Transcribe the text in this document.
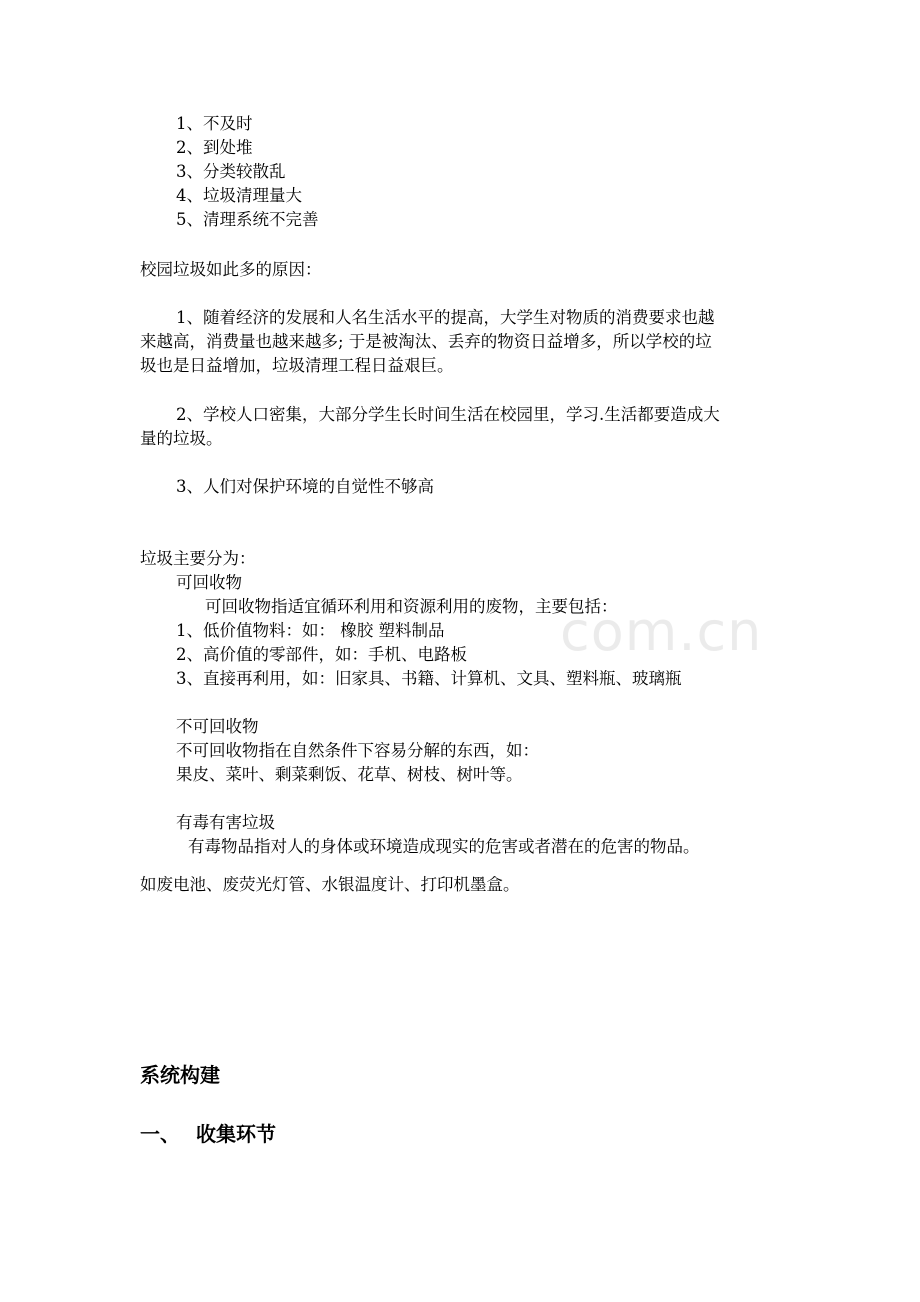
com.cn
1、不及时
2、到处堆
3、分类较散乱
4、垃圾清理量大
5、清理系统不完善
校园垃圾如此多的原因：
1、随着经济的发展和人名生活水平的提高，大学生对物质的消费要求也越
来越高，消费量也越来越多; 于是被淘汰、丢弃的物资日益增多，所以学校的垃
圾也是日益增加，垃圾清理工程日益艰巨。
2、学校人口密集，大部分学生长时间生活在校园里，学习.生活都要造成大
量的垃圾。
3、人们对保护环境的自觉性不够高
垃圾主要分为：
可回收物
可回收物指适宜循环利用和资源利用的废物，主要包括：
1、低价值物料：如： 橡胶 塑料制品
2、高价值的零部件，如：手机、电路板
3、直接再利用，如：旧家具、书籍、计算机、文具、塑料瓶、玻璃瓶
不可回收物
不可回收物指在自然条件下容易分解的东西，如：
果皮、菜叶、剩菜剩饭、花草、树枝、树叶等。
有毒有害垃圾
有毒物品指对人的身体或环境造成现实的危害或者潜在的危害的物品。
如废电池、废荧光灯管、水银温度计、打印机墨盒。
系统构建
一、 收集环节
